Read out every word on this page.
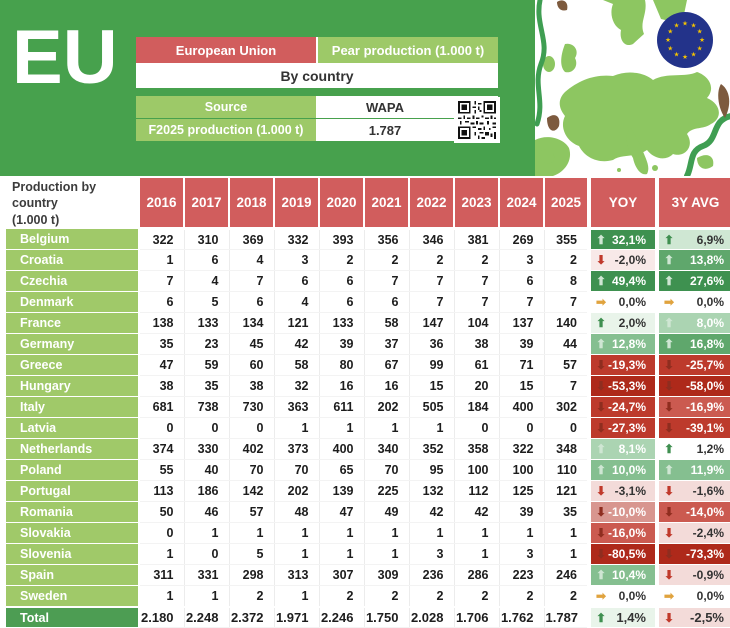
EU	European Union	Pear production (1.000 t)
By country
Source	WAPA
F2025 production (1.000 t)	1.787
★ ★
★
★
★
★
★
★
★
★
★
★
Production by country
(1.000 t)	2016	2017	2018	2019	2020	2021	2022	2023	2024	2025	YOY	3Y AVG
Belgium	322	310	369	332	393	356	346	381	269	355	⬆ 32,1%	⬆ 6,9%

Croatia	1	6	4	3	2	2	2	2	3	2	⬇ -2,0%	⬆ 13,8%

Czechia	7	4	7	6	6	7	7	7	6	8	⬆ 49,4%	⬆ 27,6%

Denmark	6	5	6	4	6	6	7	7	7	7	➡ 0,0%	➡ 0,0%

France	138	133	134	121	133	58	147	104	137	140	⬆ 2,0%	⬆ 8,0%

Germany	35	23	45	42	39	37	36	38	39	44	⬆ 12,8%	⬆ 16,8%

Greece	47	59	60	58	80	67	99	61	71	57	⬇ -19,3%	⬇ -25,7%

Hungary	38	35	38	32	16	16	15	20	15	7	⬇ -53,3%	⬇ -58,0%

Italy	681	738	730	363	611	202	505	184	400	302	⬇ -24,7%	⬇ -16,9%

Latvia	0	0	0	1	1	1	1	0	0	0	⬇ -27,3%	⬇ -39,1%

Netherlands	374	330	402	373	400	340	352	358	322	348	⬆ 8,1%	⬆ 1,2%

Poland	55	40	70	70	65	70	95	100	100	110	⬆ 10,0%	⬆ 11,9%

Portugal	113	186	142	202	139	225	132	112	125	121	⬇ -3,1%	⬇ -1,6%

Romania	50	46	57	48	47	49	42	42	39	35	⬇ -10,0%	⬇ -14,0%

Slovakia	0	1	1	1	1	1	1	1	1	1	⬇ -16,0%	⬇ -2,4%

Slovenia	1	0	5	1	1	1	3	1	3	1	⬇ -80,5%	⬇ -73,3%

Spain	311	331	298	313	307	309	236	286	223	246	⬆ 10,4%	⬇ -0,9%

Sweden	1	1	2	1	2	2	2	2	2	2	➡ 0,0%	➡ 0,0%

Total	2.180	2.248	2.372	1.971	2.246	1.750	2.028	1.706	1.762	1.787	⬆ 1,4%	⬇ -2,5%
